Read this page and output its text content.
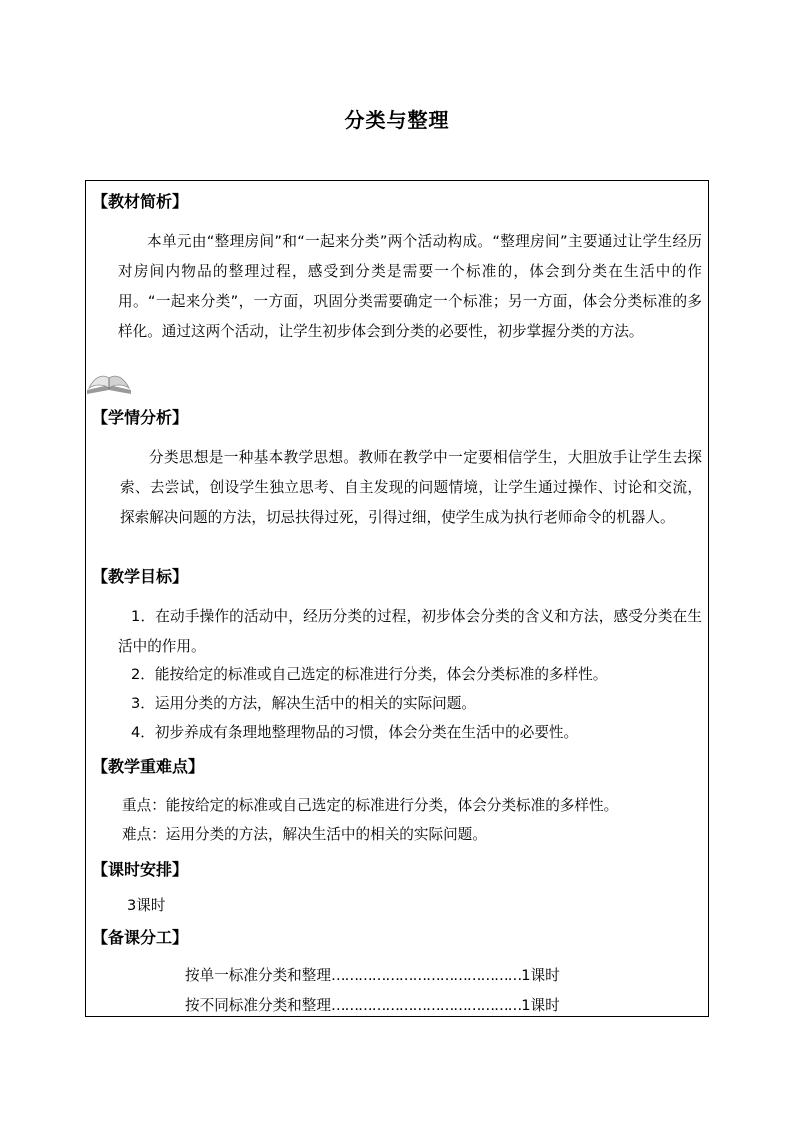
分类与整理
【教材简析】
本单元由“整理房间”和“一起来分类”两个活动构成。“整理房间”主要通过让学生经历对房间内物品的整理过程，感受到分类是需要一个标准的，体会到分类在生活中的作用。“一起来分类”，一方面，巩固分类需要确定一个标准；另一方面，体会分类标准的多样化。通过这两个活动，让学生初步体会到分类的必要性，初步掌握分类的方法。
【学情分析】
分类思想是一种基本教学思想。教师在教学中一定要相信学生，大胆放手让学生去探索、去尝试，创设学生独立思考、自主发现的问题情境，让学生通过操作、讨论和交流，探索解决问题的方法，切忌扶得过死，引得过细，使学生成为执行老师命令的机器人。
【教学目标】
1．在动手操作的活动中，经历分类的过程，初步体会分类的含义和方法，感受分类在生活中的作用。
2．能按给定的标准或自己选定的标准进行分类，体会分类标准的多样性。
3．运用分类的方法，解决生活中的相关的实际问题。
4．初步养成有条理地整理物品的习惯，体会分类在生活中的必要性。
【教学重难点】
重点：能按给定的标准或自己选定的标准进行分类，体会分类标准的多样性。
难点：运用分类的方法，解决生活中的相关的实际问题。
【课时安排】
3课时
【备课分工】
按单一标准分类和整理……………………………………1课时
按不同标准分类和整理……………………………………1课时
